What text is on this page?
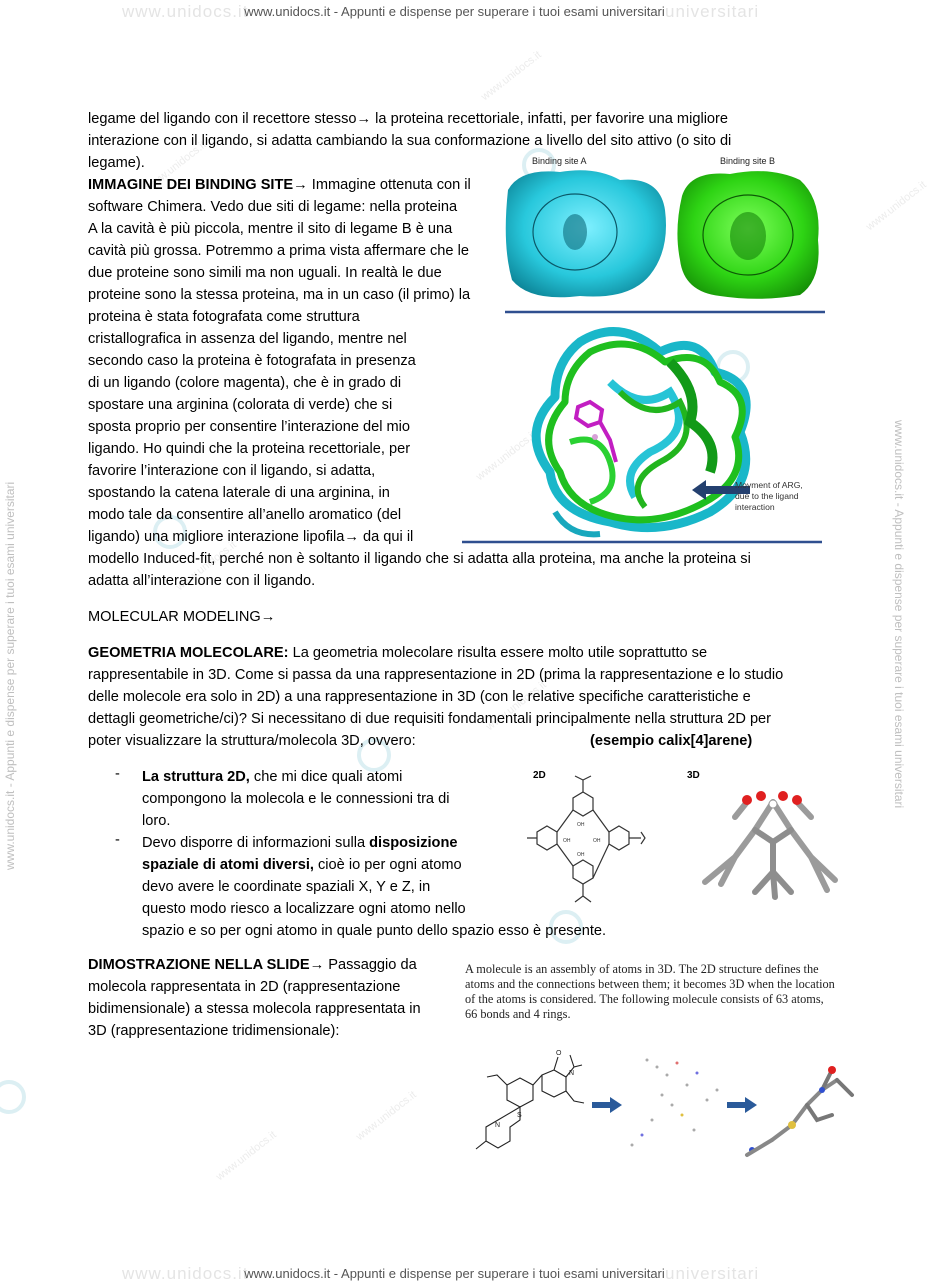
www.unidocs.it	universitari
www.unidocs.it - Appunti e dispense per superare i tuoi esami universitari
www.unidocs.it	universitari
www.unidocs.it - Appunti e dispense per superare i tuoi esami universitari
www.unidocs.it - Appunti e dispense per superare i tuoi esami universitari	www.unidocs.it - Appunti e dispense per superare i tuoi esami universitari
www.unidocs.it
www.unidocs.it
www.unidocs.it
www.unidocs.it
www.unidocs.it
www.unidocs.it
www.unidocs.it
www.unidocs.it
legame del ligando con il recettore stesso→ la proteina recettoriale, infatti, per favorire una migliore
interazione con il ligando, si adatta cambiando la sua conformazione a livello del sito attivo (o sito di
legame).
IMMAGINE DEI BINDING SITE→ Immagine ottenuta con il
software Chimera. Vedo due siti di legame: nella proteina
A la cavità è più piccola, mentre il sito di legame B è una
cavità più grossa. Potremmo a prima vista affermare che le
due proteine sono simili ma non uguali. In realtà le due
proteine sono la stessa proteina, ma in un caso (il primo) la
proteina è stata fotografata come struttura
cristallografica in assenza del ligando, mentre nel
secondo caso la proteina è fotografata in presenza
di un ligando (colore magenta), che è in grado di
spostare una arginina (colorata di verde) che si
sposta proprio per consentire l’interazione del mio
ligando. Ho quindi che la proteina recettoriale, per
favorire l’interazione con il ligando, si adatta,
spostando la catena laterale di una arginina, in
modo tale da consentire all’anello aromatico (del
ligando) una migliore interazione lipofila→ da qui il
modello Induced-fit, perché non è soltanto il ligando che si adatta alla proteina, ma anche la proteina si
adatta all’interazione con il ligando.
Binding site A	Binding site B
Movment of ARG,
due to the ligand
interaction
MOLECULAR MODELING→
GEOMETRIA MOLECOLARE: La geometria molecolare risulta essere molto utile soprattutto se
rappresentabile in 3D. Come si passa da una rappresentazione in 2D (prima la rappresentazione e lo studio
delle molecole era solo in 2D) a una rappresentazione in 3D (con le relative specifiche caratteristiche e
dettagli geometriche/ci)? Si necessitano di due requisiti fondamentali principalmente nella struttura 2D per
poter visualizzare la struttura/molecola 3D, ovvero:	(esempio calix[4]arene)
- La struttura 2D, che mi dice quali atomi
compongono la molecola e le connessioni tra di
loro.
- Devo disporre di informazioni sulla disposizione
spaziale di atomi diversi, cioè io per ogni atomo
devo avere le coordinate spaziali X, Y e Z, in
questo modo riesco a localizzare ogni atomo nello
spazio e so per ogni atomo in quale punto dello spazio esso è presente.
2D	3D
OH
OH
OH	OH
DIMOSTRAZIONE NELLA SLIDE→ Passaggio da
molecola rappresentata in 2D (rappresentazione
bidimensionale) a stessa molecola rappresentata in
3D (rappresentazione tridimensionale):
A molecule is an assembly of atoms in 3D. The 2D structure defines the
atoms and the connections between them; it becomes 3D when the location
of the atoms is considered. The following molecule consists of 63 atoms,
66 bonds and 4 rings.
O
N
S
N
